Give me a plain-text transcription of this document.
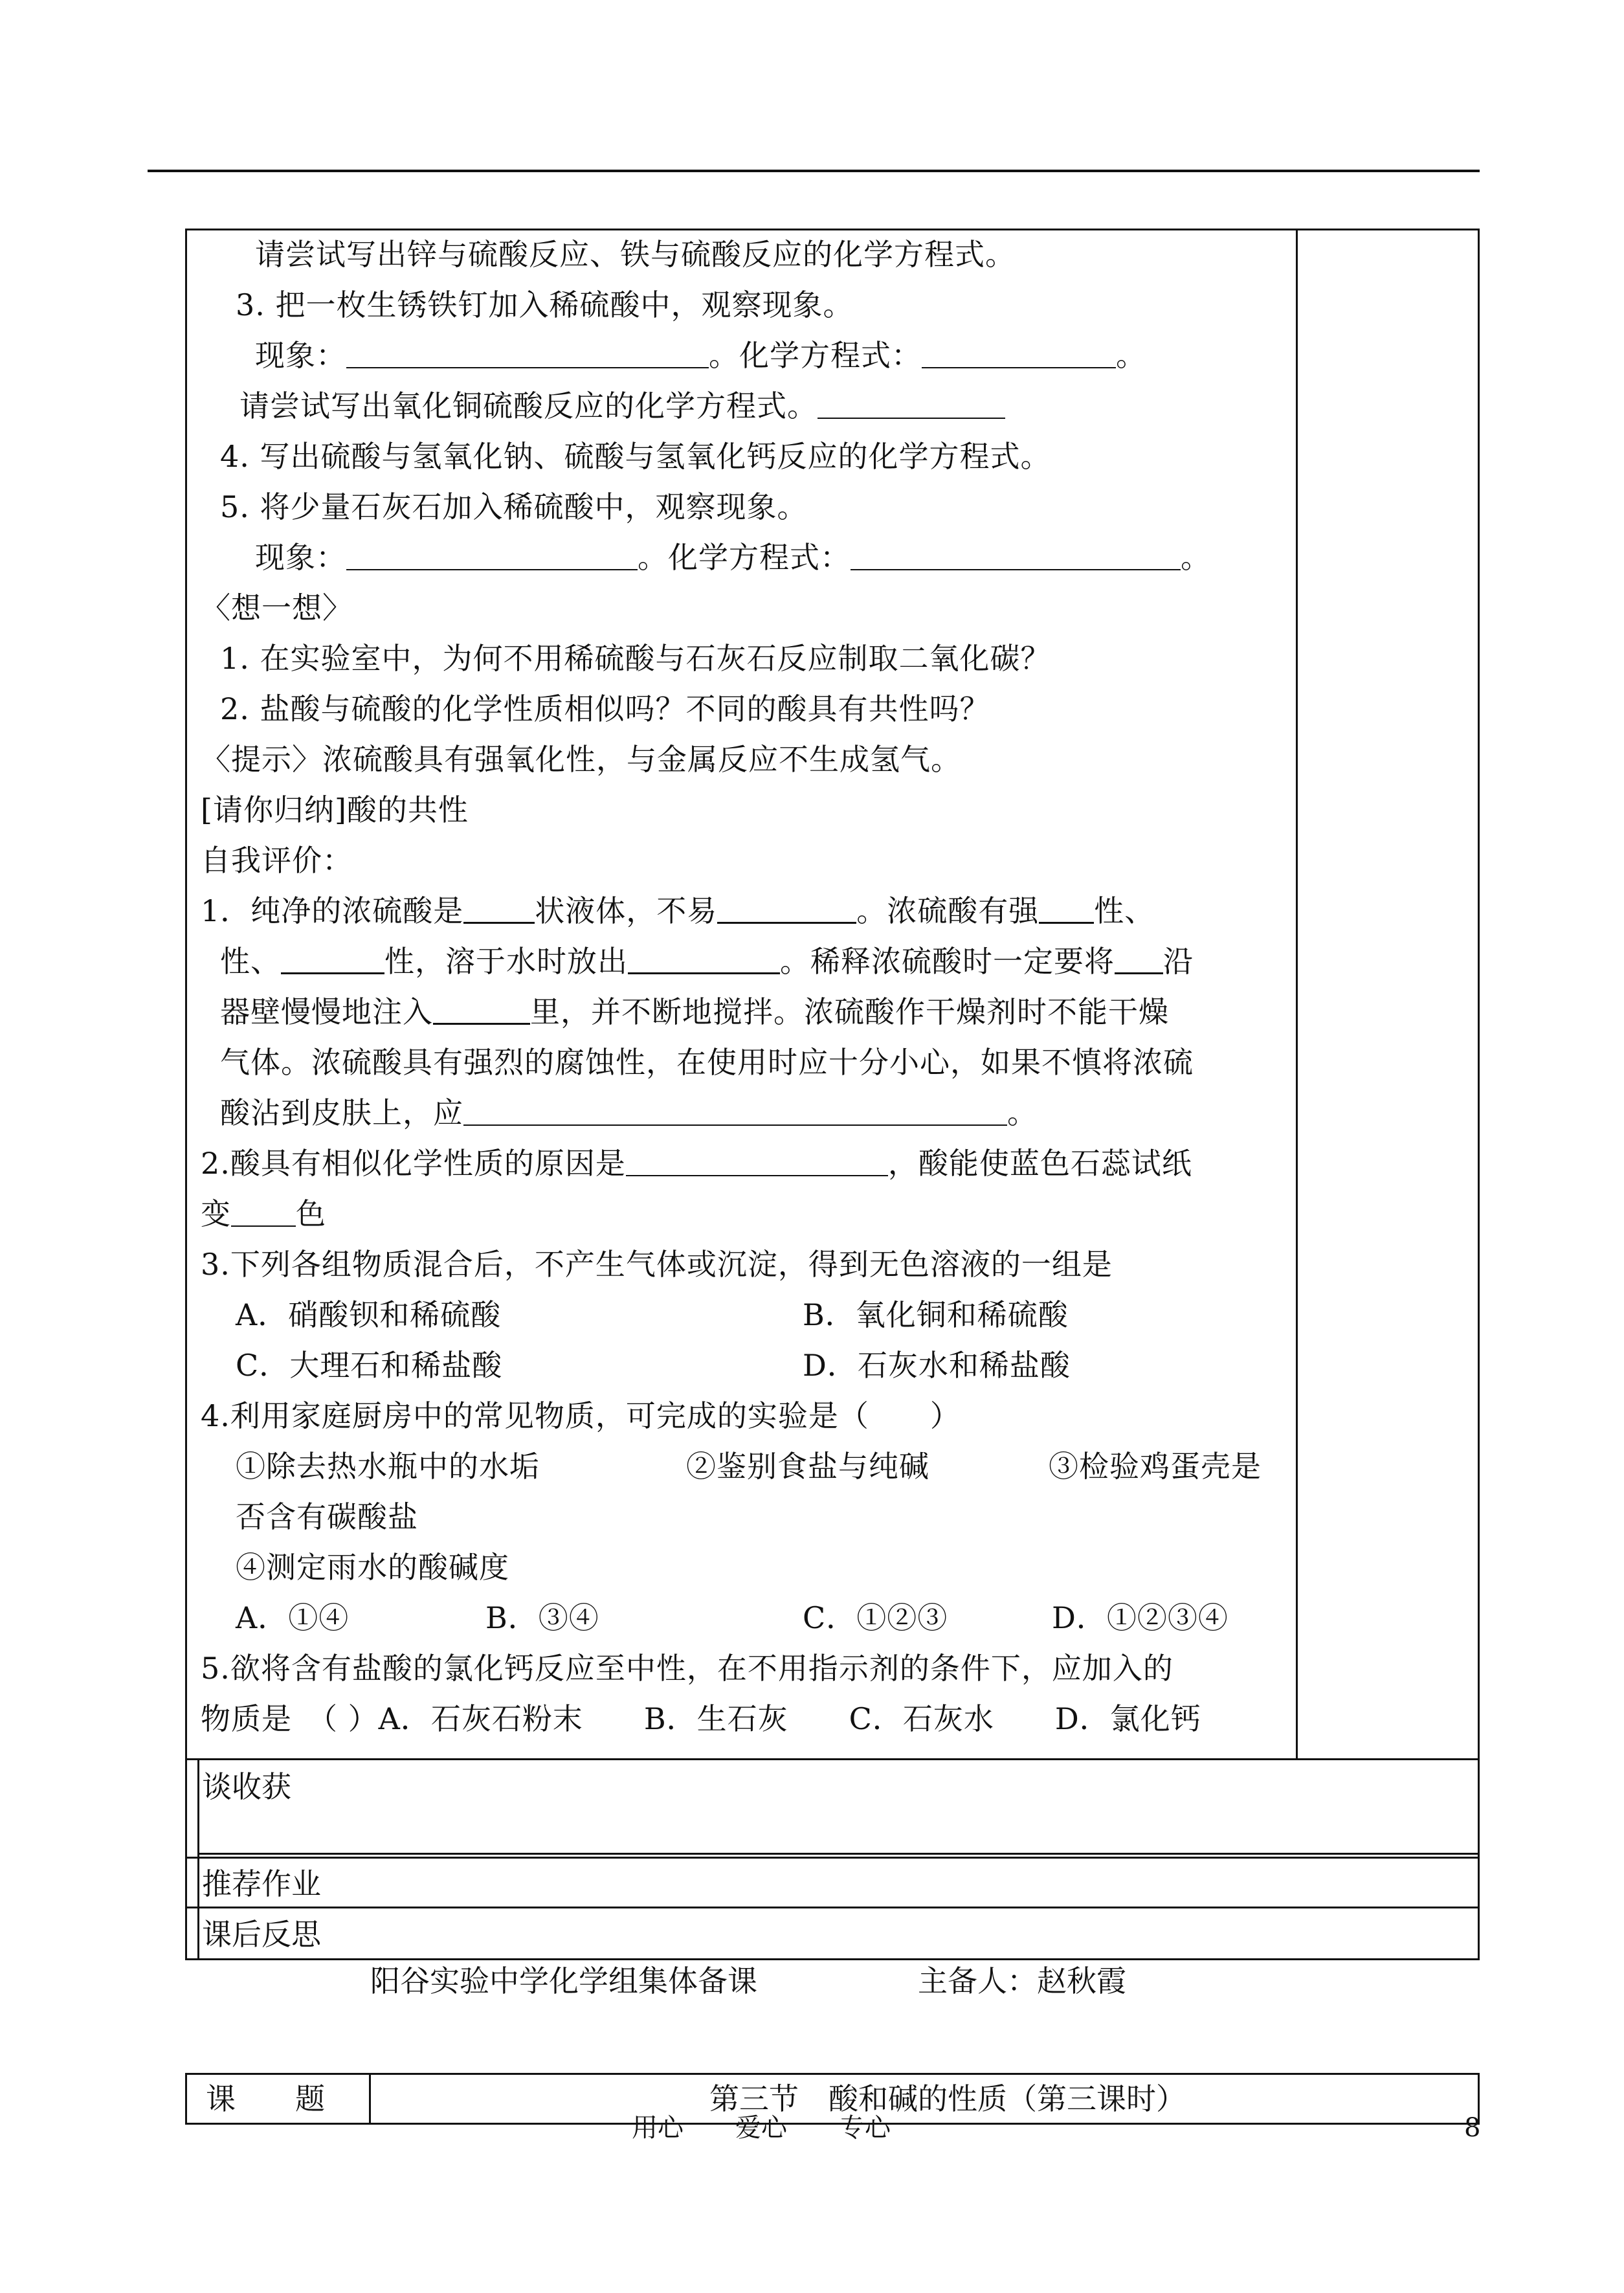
请尝试写出锌与硫酸反应、铁与硫酸反应的化学方程式。
3. 把一枚生锈铁钉加入稀硫酸中，观察现象。
现象：	。化学方程式：	。
请尝试写出氧化铜硫酸反应的化学方程式。
4. 写出硫酸与氢氧化钠、硫酸与氢氧化钙反应的化学方程式。
5. 将少量石灰石加入稀硫酸中，观察现象。
现象：	。化学方程式：	。
〈想一想〉
1. 在实验室中，为何不用稀硫酸与石灰石反应制取二氧化碳？
2. 盐酸与硫酸的化学性质相似吗？不同的酸具有共性吗？
〈提示〉浓硫酸具有强氧化性，与金属反应不生成氢气。
[请你归纳]酸的共性
自我评价：
1．纯净的浓硫酸是 状液体，不易	。浓硫酸有强 性、
性、	性，溶于水时放出	。稀释浓硫酸时一定要将 沿
器壁慢慢地注入	里，并不断地搅拌。浓硫酸作干燥剂时不能干燥
气体。浓硫酸具有强烈的腐蚀性，在使用时应十分小心，如果不慎将浓硫
酸沾到皮肤上，应	。
2.酸具有相似化学性质的原因是	，酸能使蓝色石蕊试纸
变 色
3.下列各组物质混合后，不产生气体或沉淀，得到无色溶液的一组是
A．硝酸钡和稀硫酸	B．氧化铜和稀硫酸
C．大理石和稀盐酸	D．石灰水和稀盐酸
4.利用家庭厨房中的常见物质，可完成的实验是（　　）
①除去热水瓶中的水垢	②鉴别食盐与纯碱	③检验鸡蛋壳是
否含有碳酸盐
④测定雨水的酸碱度
A．①④	B．③④	C．①②③	D．①②③④
5.欲将含有盐酸的氯化钙反应至中性，在不用指示剂的条件下，应加入的
物质是　（ ）A．石灰石粉末　　B．生石灰　　C．石灰水　　D．氯化钙
谈收获
推荐作业
课后反思
阳谷实验中学化学组集体备课	主备人：赵秋霞
课　　题	第三节　酸和碱的性质（第三课时）
用心　　爱心　　专心	8
